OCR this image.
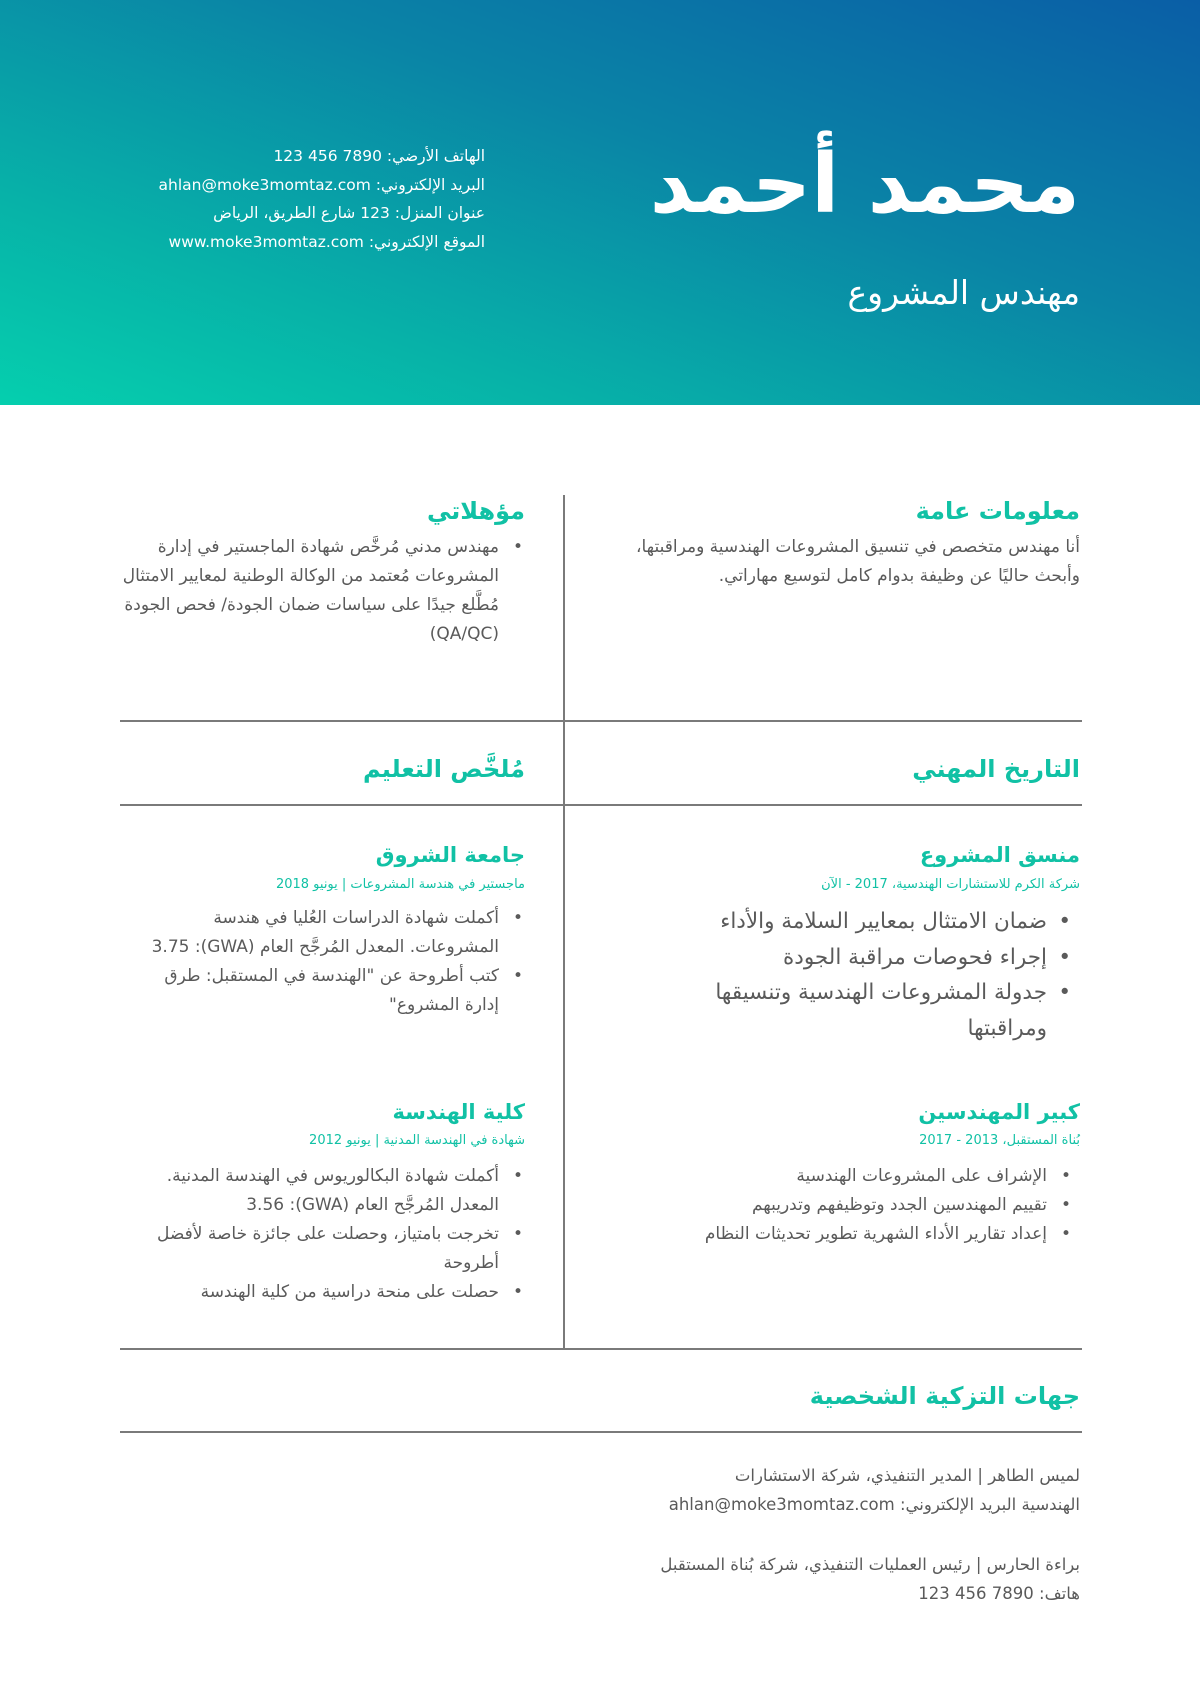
محمد أحمد
مهندس المشروع
الهاتف الأرضي: 7890 456 123
البريد الإلكتروني: ahlan@moke3momtaz.com
عنوان المنزل: 123 شارع الطريق، الرياض
الموقع الإلكتروني: www.moke3momtaz.com
معلومات عامة
أنا مهندس متخصص في تنسيق المشروعات الهندسية ومراقبتها، وأبحث حاليًا عن وظيفة بدوام كامل لتوسيع مهاراتي.
مؤهلاتي
• مهندس مدني مُرخَّص شهادة الماجستير في إدارة المشروعات مُعتمد من الوكالة الوطنية لمعايير الامتثال مُطَّلع جيدًا على سياسات ضمان الجودة/ فحص الجودة (QA/QC)
التاريخ المهني
مُلخَّص التعليم
منسق المشروع
شركة الكرم للاستشارات الهندسية، 2017 - الآن
• ضمان الامتثال بمعايير السلامة والأداء
• إجراء فحوصات مراقبة الجودة
• جدولة المشروعات الهندسية وتنسيقها ومراقبتها
كبير المهندسين
بُناة المستقبل، 2013 - 2017
• الإشراف على المشروعات الهندسية
• تقييم المهندسين الجدد وتوظيفهم وتدريبهم
• إعداد تقارير الأداء الشهرية تطوير تحديثات النظام
جامعة الشروق
ماجستير في هندسة المشروعات | يونيو 2018
• أكملت شهادة الدراسات العُليا في هندسة المشروعات. المعدل المُرجَّح العام (GWA): 3.75
• كتب أطروحة عن "الهندسة في المستقبل: طرق إدارة المشروع"
كلية الهندسة
شهادة في الهندسة المدنية | يونيو 2012
• أكملت شهادة البكالوريوس في الهندسة المدنية. المعدل المُرجَّح العام (GWA): 3.56
• تخرجت بامتياز، وحصلت على جائزة خاصة لأفضل أطروحة
• حصلت على منحة دراسية من كلية الهندسة
جهات التزكية الشخصية
لميس الطاهر | المدير التنفيذي، شركة الاستشارات
الهندسية البريد الإلكتروني: ahlan@moke3momtaz.com
براءة الحارس | رئيس العمليات التنفيذي، شركة بُناة المستقبل
هاتف: 7890 456 123
